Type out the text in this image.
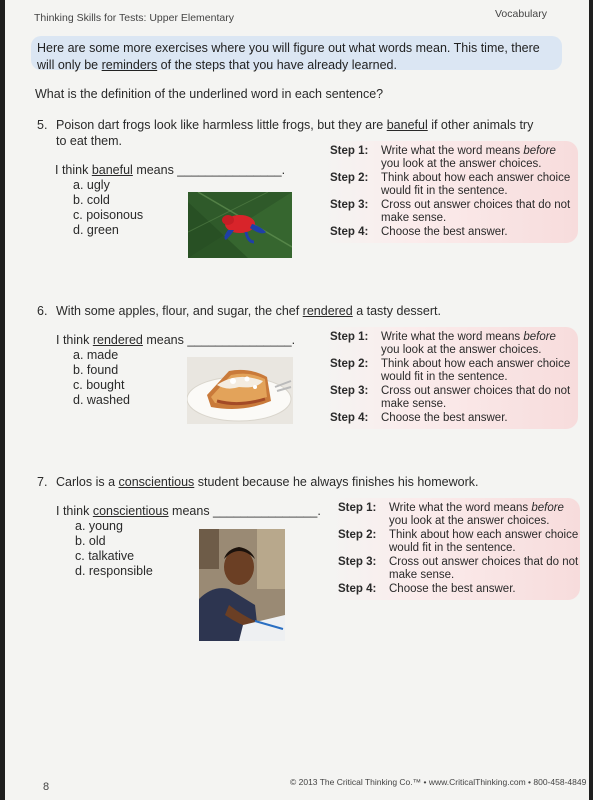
Thinking Skills for Tests: Upper Elementary	Vocabulary
Here are some more exercises where you will figure out what words mean. This time, there will only be reminders of the steps that you have already learned.
What is the definition of the underlined word in each sentence?
5. Poison dart frogs look like harmless little frogs, but they are baneful if other animals try to eat them.
I think baneful means _______________.
a. ugly
b. cold
c. poisonous
d. green
Step 1: Write what the word means before you look at the answer choices.
Step 2: Think about how each answer choice would fit in the sentence.
Step 3: Cross out answer choices that do not make sense.
Step 4: Choose the best answer.
6. With some apples, flour, and sugar, the chef rendered a tasty dessert.
I think rendered means _______________.
a. made
b. found
c. bought
d. washed
Step 1: Write what the word means before you look at the answer choices.
Step 2: Think about how each answer choice would fit in the sentence.
Step 3: Cross out answer choices that do not make sense.
Step 4: Choose the best answer.
7. Carlos is a conscientious student because he always finishes his homework.
I think conscientious means _______________.
a. young
b. old
c. talkative
d. responsible
Step 1: Write what the word means before you look at the answer choices.
Step 2: Think about how each answer choice would fit in the sentence.
Step 3: Cross out answer choices that do not make sense.
Step 4: Choose the best answer.
8	© 2013 The Critical Thinking Co.™ • www.CriticalThinking.com • 800-458-4849
